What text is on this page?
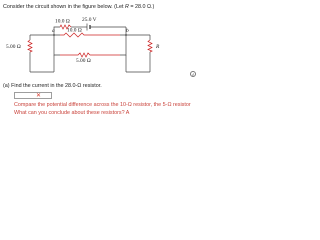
Consider the circuit shown in the figure below. (Let R = 28.0 Ω.)
25.0 V
10.0 Ω
10.0 Ω
5.00 Ω
5.00 Ω	R
a	b
i
(a) Find the current in the 28.0-Ω resistor.
✕
Compare the potential difference across the 10-Ω resistor, the 5-Ω resistor
What can you conclude about these resistors? A
